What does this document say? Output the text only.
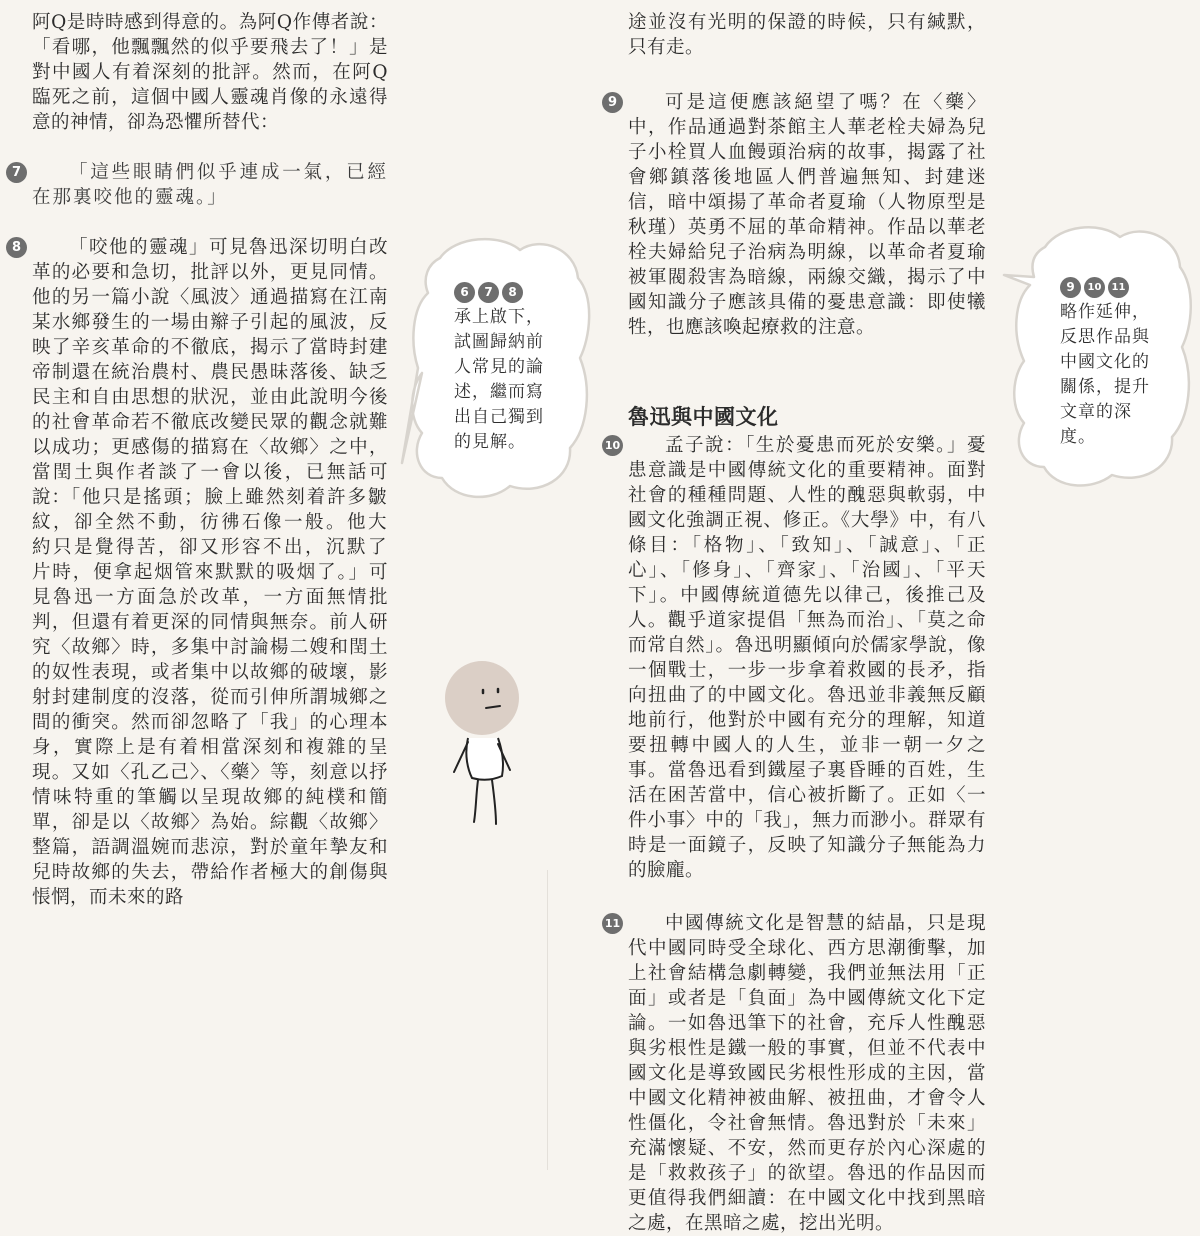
阿Q是時時感到得意的。為阿Q作傳者說：「看哪，他飄飄然的似乎要飛去了！」是對中國人有着深刻的批評。然而，在阿Q臨死之前，這個中國人靈魂肖像的永遠得意的神情，卻為恐懼所替代：

7	「這些眼睛們似乎連成一氣，已經在那裏咬他的靈魂。」

8	「咬他的靈魂」可見魯迅深切明白改革的必要和急切，批評以外，更見同情。他的另一篇小說〈風波〉通過描寫在江南某水鄉發生的一場由辮子引起的風波，反映了辛亥革命的不徹底，揭示了當時封建帝制還在統治農村、農民愚昧落後、缺乏民主和自由思想的狀況，並由此說明今後的社會革命若不徹底改變民眾的觀念就難以成功；更感傷的描寫在〈故鄉〉之中，當閏土與作者談了一會以後，已無話可說：「他只是搖頭；臉上雖然刻着許多皺紋，卻全然不動，彷彿石像一般。他大約只是覺得苦，卻又形容不出，沉默了片時，便拿起烟管來默默的吸烟了。」可見魯迅一方面急於改革，一方面無情批判，但還有着更深的同情與無奈。前人研究〈故鄉〉時，多集中討論楊二嫂和閏土的奴性表現，或者集中以故鄉的破壞，影射封建制度的沒落，從而引伸所謂城鄉之間的衝突。然而卻忽略了「我」的心理本身，實際上是有着相當深刻和複雜的呈現。又如〈孔乙己〉、〈藥〉等，刻意以抒情味特重的筆觸以呈現故鄉的純樸和簡單，卻是以〈故鄉〉為始。綜觀〈故鄉〉整篇，語調溫婉而悲涼，對於童年摯友和兒時故鄉的失去，帶給作者極大的創傷與悵惘，而未來的路

6	7	8
承上啟下，試圖歸納前人常見的論述，繼而寫出自己獨到的見解。

途並沒有光明的保證的時候，只有緘默，只有走。

9	可是這便應該絕望了嗎？在〈藥〉中，作品通過對茶館主人華老栓夫婦為兒子小栓買人血饅頭治病的故事，揭露了社會鄉鎮落後地區人們普遍無知、封建迷信，暗中頌揚了革命者夏瑜（人物原型是秋瑾）英勇不屈的革命精神。作品以華老栓夫婦給兒子治病為明線，以革命者夏瑜被軍閥殺害為暗線，兩線交織，揭示了中國知識分子應該具備的憂患意識：即使犧牲，也應該喚起療救的注意。

魯迅與中國文化

10	孟子說：「生於憂患而死於安樂。」憂患意識是中國傳統文化的重要精神。面對社會的種種問題、人性的醜惡與軟弱，中國文化強調正視、修正。《大學》中，有八條目：「格物」、「致知」、「誠意」、「正心」、「修身」、「齊家」、「治國」、「平天下」。中國傳統道德先以律己，後推己及人。觀乎道家提倡「無為而治」、「莫之命而常自然」。魯迅明顯傾向於儒家學說，像一個戰士，一步一步拿着救國的長矛，指向扭曲了的中國文化。魯迅並非義無反顧地前行，他對於中國有充分的理解，知道要扭轉中國人的人生，並非一朝一夕之事。當魯迅看到鐵屋子裏昏睡的百姓，生活在困苦當中，信心被折斷了。正如〈一件小事〉中的「我」，無力而渺小。群眾有時是一面鏡子，反映了知識分子無能為力的臉龐。

11	中國傳統文化是智慧的結晶，只是現代中國同時受全球化、西方思潮衝擊，加上社會結構急劇轉變，我們並無法用「正面」或者是「負面」為中國傳統文化下定論。一如魯迅筆下的社會，充斥人性醜惡與劣根性是鐵一般的事實，但並不代表中國文化是導致國民劣根性形成的主因，當中國文化精神被曲解、被扭曲，才會令人性僵化，令社會無情。魯迅對於「未來」充滿懷疑、不安，然而更存於內心深處的是「救救孩子」的欲望。魯迅的作品因而更值得我們細讀：在中國文化中找到黑暗之處，在黑暗之處，挖出光明。

9	10	11
略作延伸，反思作品與中國文化的關係，提升文章的深度。
